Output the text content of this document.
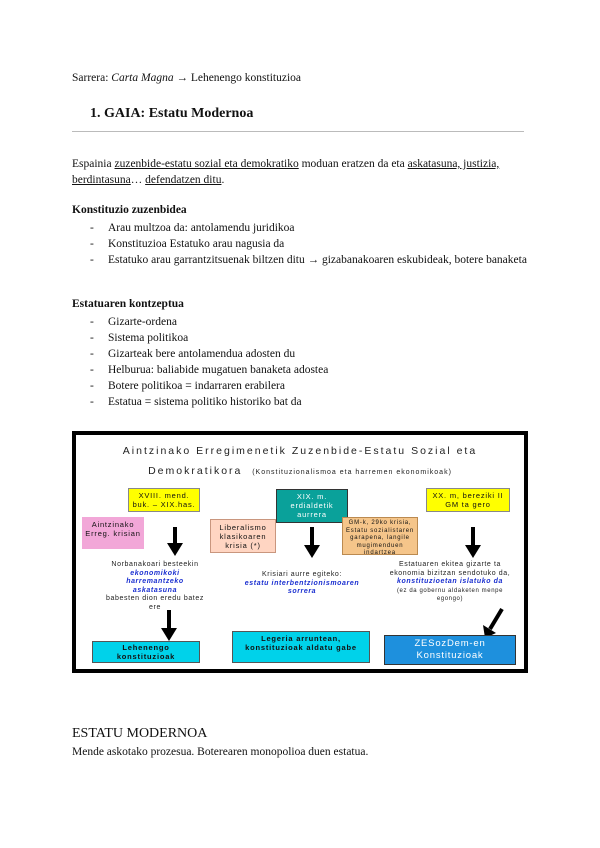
Sarrera: Carta Magna → Lehenengo konstituzioa
1. GAIA: Estatu Modernoa
Espainia zuzenbide-estatu sozial eta demokratiko moduan eratzen da eta askatasuna, justizia, berdintasuna… defendatzen ditu.
Konstituzio zuzenbidea
- Arau multzoa da: antolamendu juridikoa
- Konstituzioa Estatuko arau nagusia da
- Estatuko arau garrantzitsuenak biltzen ditu → gizabanakoaren eskubideak, botere banaketa
Estatuaren kontzeptua
- Gizarte-ordena
- Sistema politikoa
- Gizarteak bere antolamendua adosten du
- Helburua: baliabide mugatuen banaketa adostea
- Botere politikoa = indarraren erabilera
- Estatua = sistema politiko historiko bat da
Aintzinako Erregimenetik Zuzenbide-Estatu Sozial eta
Demokratikora (Konstituzionalismoa eta harremen ekonomikoak)
XVIII. mend. buk. – XIX.has.
XIX. m. erdialdetik aurrera
XX. m, bereziki II GM ta gero
Aintzinako Erreg. krisian
Liberalismo klasikoaren krisia (*)
GM-k, 29ko krisia, Estatu sozialistaren garapena, langile mugimenduen indartzea
Norbanakoari besteekin
ekonomikoki harremantzeko askatasuna
babesten dion eredu batez ere
Krisiari aurre egiteko:
estatu interbentzionismoaren sorrera
Estatuaren ekitea gizarte ta ekonomia bizitzan sendotuko da,
konstituzioetan islatuko da
(ez da gobernu aldaketen menpe egongo)
Lehenengo konstituzioak
Legeria arruntean, konstituzioak aldatu gabe	ZESozDem-en Konstituzioak
ESTATU MODERNOA
Mende askotako prozesua. Boterearen monopolioa duen estatua.
